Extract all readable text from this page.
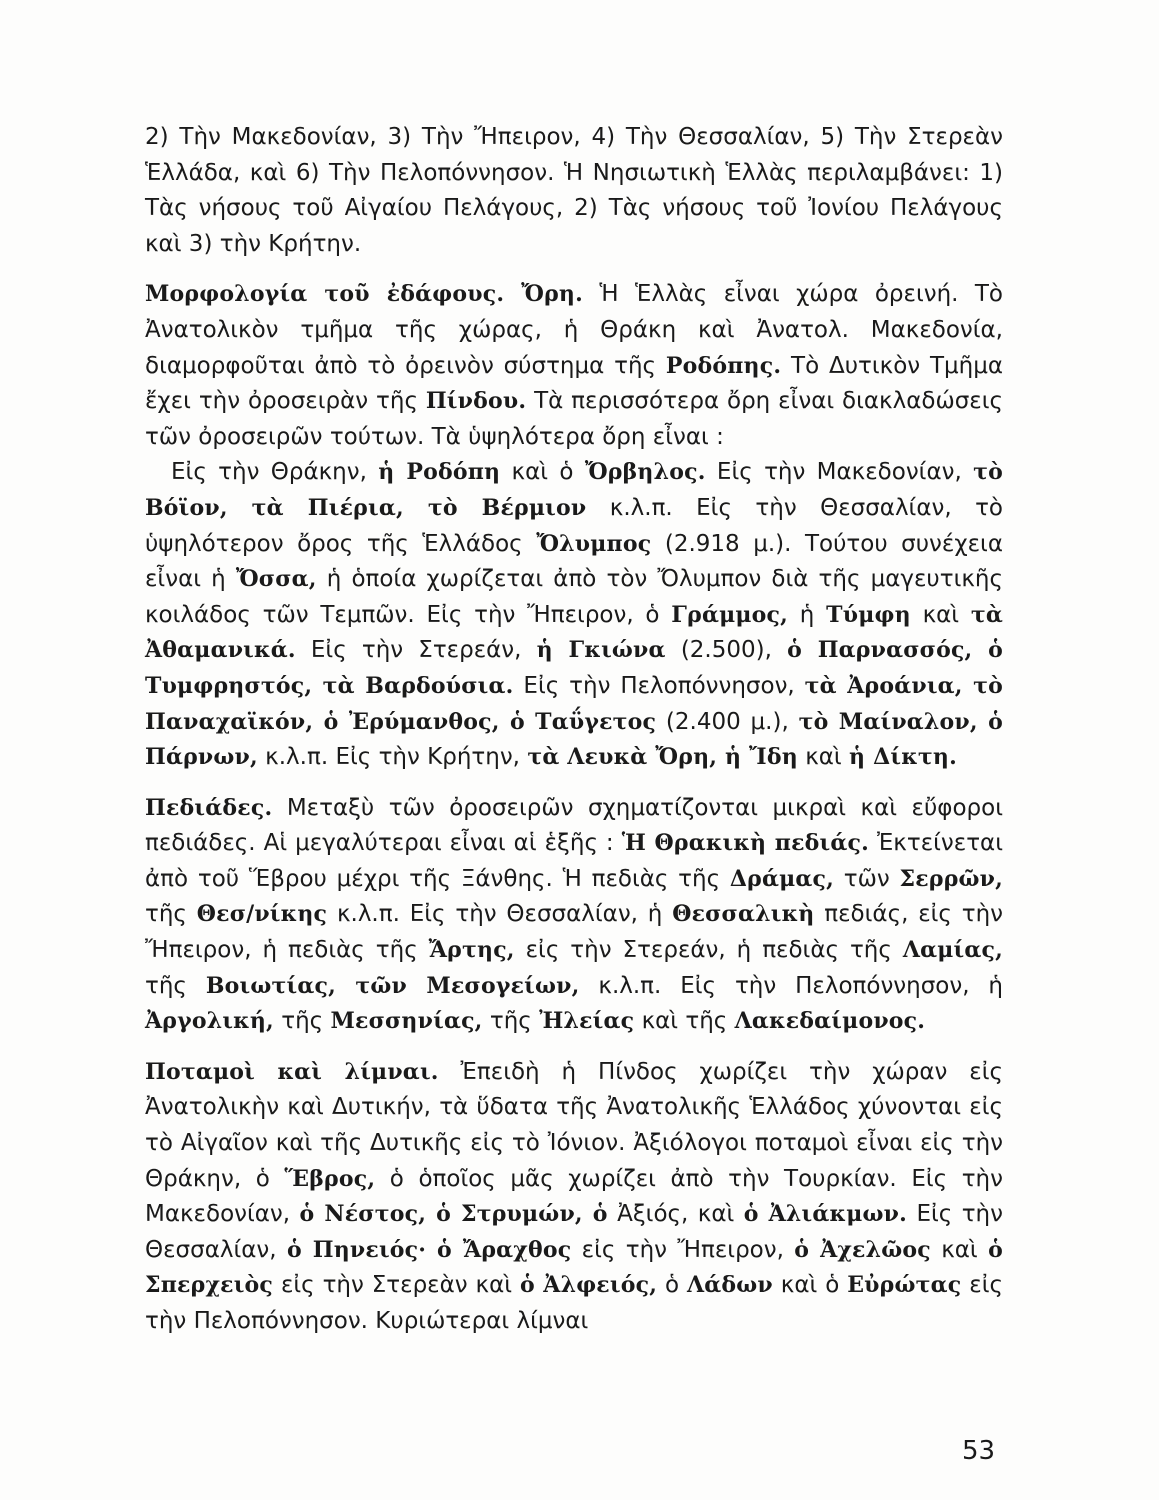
2) Τὴν Μακεδονίαν, 3) Τὴν Ἤπειρον, 4) Τὴν Θεσσαλίαν, 5) Τὴν Στερεὰν Ἑλλάδα, καὶ 6) Τὴν Πελοπόννησον. Ἡ Νησιωτικὴ Ἑλλὰς περιλαμβάνει: 1) Τὰς νήσους τοῦ Αἰγαίου Πελάγους, 2) Τὰς νήσους τοῦ Ἰονίου Πελάγους καὶ 3) τὴν Κρήτην.

Μορφολογία τοῦ ἐδάφους. Ὄρη. Ἡ Ἑλλὰς εἶναι χώρα ὀρεινή. Τὸ Ἀνατολικὸν τμῆμα τῆς χώρας, ἡ Θράκη καὶ Ἀνατολ. Μακεδονία, διαμορφοῦται ἀπὸ τὸ ὀρεινὸν σύστημα τῆς Ροδόπης. Τὸ Δυτικὸν Τμῆμα ἔχει τὴν ὀροσειρὰν τῆς Πίνδου. Τὰ περισσότερα ὄρη εἶναι διακλαδώσεις τῶν ὀροσειρῶν τούτων. Τὰ ὑψηλότερα ὄρη εἶναι :

Εἰς τὴν Θράκην, ἡ Ροδόπη καὶ ὁ Ὄρβηλος. Εἰς τὴν Μακεδονίαν, τὸ Βόϊον, τὰ Πιέρια, τὸ Βέρμιον κ.λ.π. Εἰς τὴν Θεσσαλίαν, τὸ ὑψηλότερον ὄρος τῆς Ἑλλάδος Ὄλυμπος (2.918 μ.). Τούτου συνέχεια εἶναι ἡ Ὄσσα, ἡ ὁποία χωρίζεται ἀπὸ τὸν Ὄλυμπον διὰ τῆς μαγευτικῆς κοιλάδος τῶν Τεμπῶν. Εἰς τὴν Ἤπειρον, ὁ Γράμμος, ἡ Τύμφη καὶ τὰ Ἀθαμανικά. Εἰς τὴν Στερεάν, ἡ Γκιώνα (2.500), ὁ Παρνασσός, ὁ Τυμφρηστός, τὰ Βαρδούσια. Εἰς τὴν Πελοπόννησον, τὰ Ἀροάνια, τὸ Παναχαϊκόν, ὁ Ἐρύμανθος, ὁ Ταΰγετος (2.400 μ.), τὸ Μαίναλον, ὁ Πάρνων, κ.λ.π. Εἰς τὴν Κρήτην, τὰ Λευκὰ Ὄρη, ἡ Ἴδη καὶ ἡ Δίκτη.

Πεδιάδες. Μεταξὺ τῶν ὀροσειρῶν σχηματίζονται μικραὶ καὶ εὔφοροι πεδιάδες. Αἱ μεγαλύτεραι εἶναι αἱ ἑξῆς : Ἡ Θρακικὴ πεδιάς. Ἐκτείνεται ἀπὸ τοῦ Ἕβρου μέχρι τῆς Ξάνθης. Ἡ πεδιὰς τῆς Δράμας, τῶν Σερρῶν, τῆς Θεσ/νίκης κ.λ.π. Εἰς τὴν Θεσσαλίαν, ἡ Θεσσαλικὴ πεδιάς, εἰς τὴν Ἤπειρον, ἡ πεδιὰς τῆς Ἄρτης, εἰς τὴν Στερεάν, ἡ πεδιὰς τῆς Λαμίας, τῆς Βοιωτίας, τῶν Μεσογείων, κ.λ.π. Εἰς τὴν Πελοπόννησον, ἡ Ἀργολική, τῆς Μεσσηνίας, τῆς Ἠλείας καὶ τῆς Λακεδαίμονος.

Ποταμοὶ καὶ λίμναι. Ἐπειδὴ ἡ Πίνδος χωρίζει τὴν χώραν εἰς Ἀνατολικὴν καὶ Δυτικήν, τὰ ὕδατα τῆς Ἀνατολικῆς Ἑλλάδος χύνονται εἰς τὸ Αἰγαῖον καὶ τῆς Δυτικῆς εἰς τὸ Ἰόνιον. Ἀξιόλογοι ποταμοὶ εἶναι εἰς τὴν Θράκην, ὁ Ἕβρος, ὁ ὁποῖος μᾶς χωρίζει ἀπὸ τὴν Τουρκίαν. Εἰς τὴν Μακεδονίαν, ὁ Νέστος, ὁ Στρυμών, ὁ Ἀξιός, καὶ ὁ Ἀλιάκμων. Εἰς τὴν Θεσσαλίαν, ὁ Πηνειός· ὁ Ἄραχθος εἰς τὴν Ἤπειρον, ὁ Ἀχελῶος καὶ ὁ Σπερχειὸς εἰς τὴν Στερεὰν καὶ ὁ Ἀλφειός, ὁ Λάδων καὶ ὁ Εὐρώτας εἰς τὴν Πελοπόννησον. Κυριώτεραι λίμναι

53
